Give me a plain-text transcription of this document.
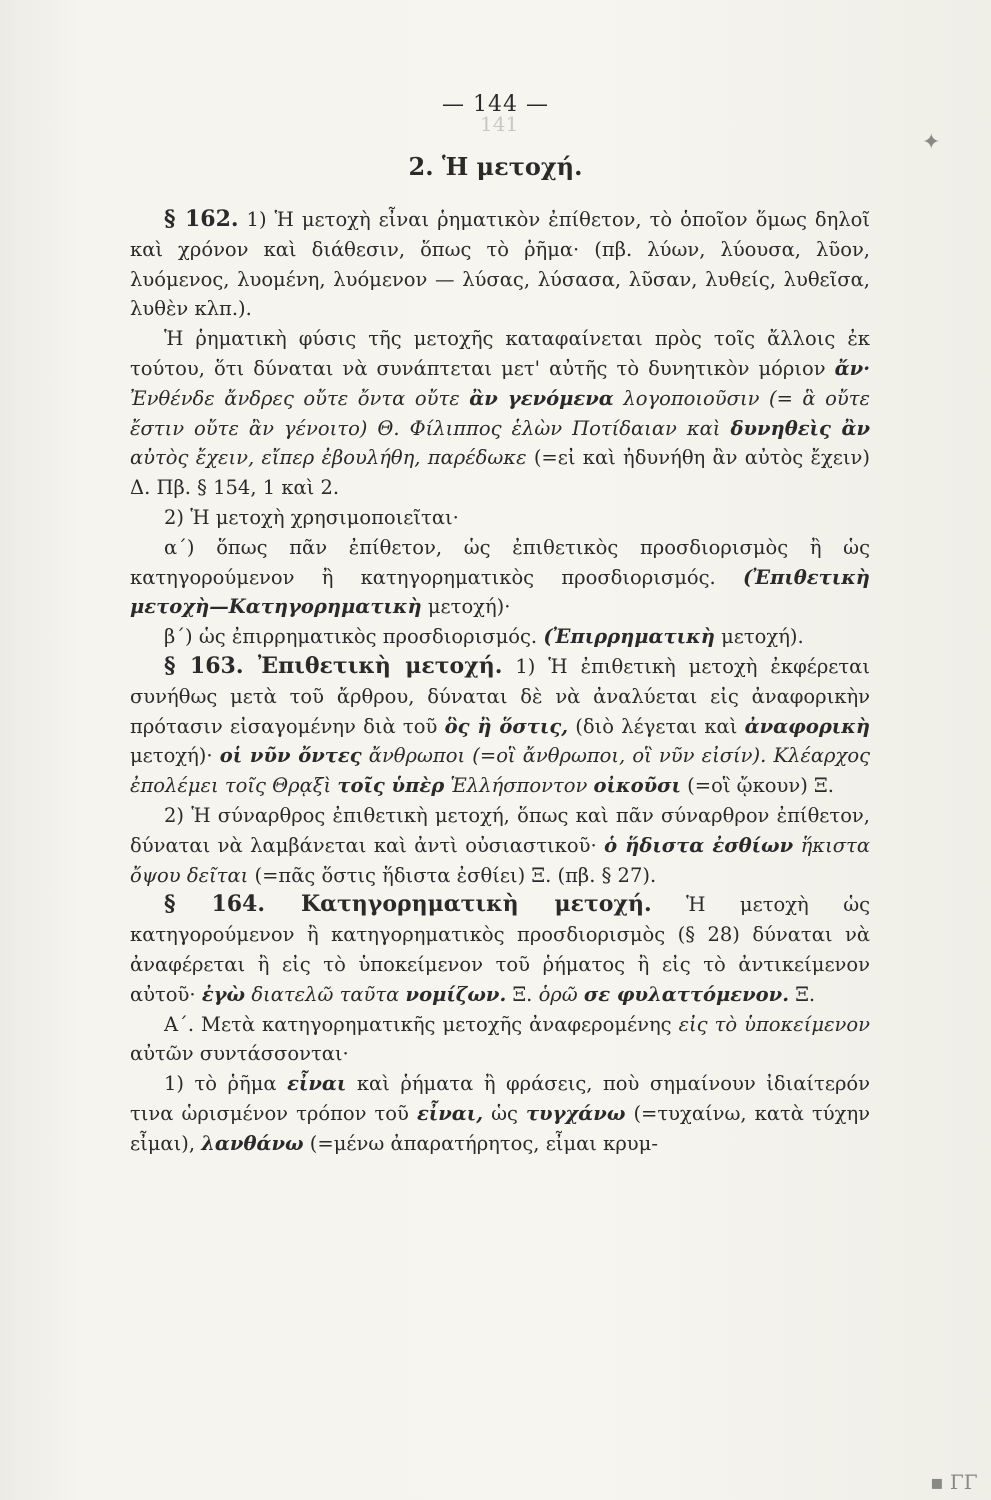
141
✦
▪ ΓΓ
— 144 —
2. Ἡ μετοχή.

§ 162. 1) Ἡ μετοχὴ εἶναι ῥηματικὸν ἐπίθετον, τὸ ὁποῖον ὅμως δηλοῖ καὶ χρόνον καὶ διάθεσιν, ὅπως τὸ ῥῆμα· (πβ. λύων, λύουσα, λῦον, λυόμενος, λυομένη, λυόμενον — λύσας, λύσασα, λῦσαν, λυθείς, λυθεῖσα, λυθὲν κλπ.).

Ἡ ῥηματικὴ φύσις τῆς μετοχῆς καταφαίνεται πρὸς τοῖς ἄλλοις ἐκ τούτου, ὅτι δύναται νὰ συνάπτεται μετ' αὐτῆς τὸ δυνητικὸν μόριον ἄν· Ἐνθένδε ἄνδρες οὔτε ὄντα οὔτε ἂν γενόμενα λογοποιοῦσιν (= ἃ οὔτε ἔστιν οὔτε ἂν γένοιτο) Θ. Φίλιππος ἑλὼν Ποτίδαιαν καὶ δυνηθεὶς ἂν αὐτὸς ἔχειν, εἴπερ ἐβουλήθη, παρέδωκε (=εἰ καὶ ἠδυνήθη ἂν αὐτὸς ἔχειν) Δ. Πβ. § 154, 1 καὶ 2.

2) Ἡ μετοχὴ χρησιμοποιεῖται·

α΄) ὅπως πᾶν ἐπίθετον, ὡς ἐπιθετικὸς προσδιορισμὸς ἢ ὡς κατηγορούμενον ἢ κατηγορηματικὸς προσδιορισμός. (Ἐπιθετικὴ μετοχὴ—Κατηγορηματικὴ μετοχή)·

β΄) ὡς ἐπιρρηματικὸς προσδιορισμός. (Ἐπιρρηματικὴ μετοχή).

§ 163. Ἐπιθετικὴ μετοχή. 1) Ἡ ἐπιθετικὴ μετοχὴ ἐκφέρεται συνήθως μετὰ τοῦ ἄρθρου, δύναται δὲ νὰ ἀναλύεται εἰς ἀναφορικὴν πρότασιν εἰσαγομένην διὰ τοῦ ὃς ἢ ὅστις, (διὸ λέγεται καὶ ἀναφορικὴ μετοχή)· οἱ νῦν ὄντες ἄνθρωποι (=οἳ ἄνθρωποι, οἳ νῦν εἰσίν). Κλέαρχος ἐπολέμει τοῖς Θρᾳξὶ τοῖς ὑπὲρ Ἑλλήσποντον οἰκοῦσι (=οἳ ᾤκουν) Ξ.

2) Ἡ σύναρθρος ἐπιθετικὴ μετοχή, ὅπως καὶ πᾶν σύναρθρον ἐπίθετον, δύναται νὰ λαμβάνεται καὶ ἀντὶ οὐσιαστικοῦ· ὁ ἥδιστα ἐσθίων ἥκιστα ὄψου δεῖται (=πᾶς ὅστις ἥδιστα ἐσθίει) Ξ. (πβ. § 27).

§ 164. Κατηγορηματικὴ μετοχή. Ἡ μετοχὴ ὡς κατηγορούμενον ἢ κατηγορηματικὸς προσδιορισμὸς (§ 28) δύναται νὰ ἀναφέρεται ἢ εἰς τὸ ὑποκείμενον τοῦ ῥήματος ἢ εἰς τὸ ἀντικείμενον αὐτοῦ· ἐγὼ διατελῶ ταῦτα νομίζων. Ξ. ὁρῶ σε φυλαττόμενον. Ξ.

Α΄. Μετὰ κατηγορηματικῆς μετοχῆς ἀναφερομένης εἰς τὸ ὑποκείμενον αὐτῶν συντάσσονται·

1) τὸ ῥῆμα εἶναι καὶ ῥήματα ἢ φράσεις, ποὺ σημαίνουν ἰδιαίτερόν τινα ὡρισμένον τρόπον τοῦ εἶναι, ὡς τυγχάνω (=τυχαίνω, κατὰ τύχην εἶμαι), λανθάνω (=μένω ἀπαρατήρητος, εἶμαι κρυμ-
